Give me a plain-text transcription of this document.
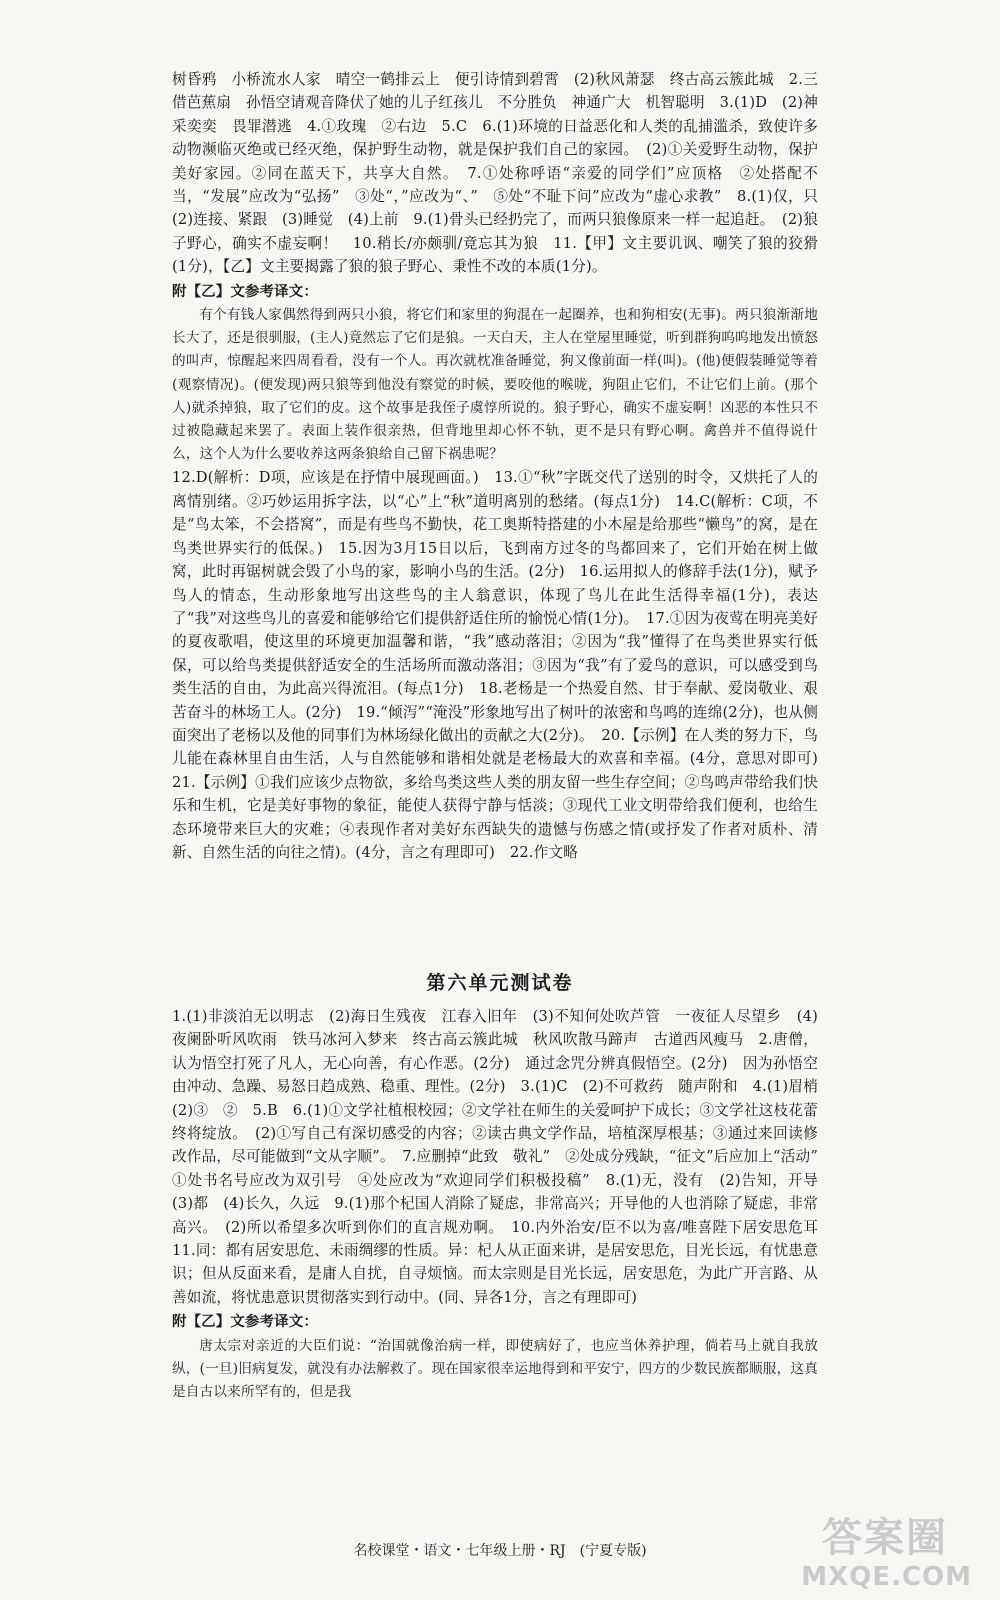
树昏鸦　小桥流水人家　晴空一鹤排云上　便引诗情到碧霄　(2)秋风萧瑟　终古高云簇此城　2.三借芭蕉扇　孙悟空请观音降伏了她的儿子红孩儿　不分胜负　神通广大　机智聪明　3.(1)D　(2)神采奕奕　畏罪潜逃　4.①玫瑰　②右边　5.C　6.(1)环境的日益恶化和人类的乱捕滥杀，致使许多动物濒临灭绝或已经灭绝，保护野生动物，就是保护我们自己的家园。　(2)①关爱野生动物，保护美好家园。②同在蓝天下，共享大自然。　7.①处称呼语“亲爱的同学们”应顶格　②处搭配不当，“发展”应改为“弘扬”　③处“，”应改为“、”　⑤处“不耻下问”应改为“虚心求教”　8.(1)仅，只　(2)连接、紧跟　(3)睡觉　(4)上前　9.(1)骨头已经扔完了，而两只狼像原来一样一起追赶。　(2)狼子野心，确实不虚妄啊！　10.稍长/亦颇驯/竟忘其为狼　11.【甲】文主要讥讽、嘲笑了狼的狡猾(1分)，【乙】文主要揭露了狼的狼子野心、秉性不改的本质(1分)。

附【乙】文参考译文：

有个有钱人家偶然得到两只小狼，将它们和家里的狗混在一起圈养，也和狗相安(无事)。两只狼渐渐地长大了，还是很驯服，(主人)竟然忘了它们是狼。一天白天，主人在堂屋里睡觉，听到群狗呜呜地发出愤怒的叫声，惊醒起来四周看看，没有一个人。再次就枕准备睡觉，狗又像前面一样(叫)。(他)便假装睡觉等着(观察情况)。(便发现)两只狼等到他没有察觉的时候，要咬他的喉咙，狗阻止它们，不让它们上前。(那个人)就杀掉狼，取了它们的皮。这个故事是我侄子虞惇所说的。狼子野心，确实不虚妄啊！凶恶的本性只不过被隐藏起来罢了。表面上装作很亲热，但背地里却心怀不轨，更不是只有野心啊。禽兽并不值得说什么，这个人为什么要收养这两条狼给自己留下祸患呢？

12.D(解析：D项，应该是在抒情中展现画面。)　13.①“秋”字既交代了送别的时令，又烘托了人的离情别绪。②巧妙运用拆字法，以“心”上“秋”道明离别的愁绪。(每点1分)　14.C(解析：C项，不是“鸟太笨，不会搭窝”，而是有些鸟不勤快，花工奥斯特搭建的小木屋是给那些“懒鸟”的窝，是在鸟类世界实行的低保。)　15.因为3月15日以后，飞到南方过冬的鸟都回来了，它们开始在树上做窝，此时再锯树就会毁了小鸟的家，影响小鸟的生活。(2分)　16.运用拟人的修辞手法(1分)，赋予鸟人的情态，生动形象地写出这些鸟的主人翁意识，体现了鸟儿在此生活得幸福(1分)，表达了“我”对这些鸟儿的喜爱和能够给它们提供舒适住所的愉悦心情(1分)。　17.①因为夜莺在明亮美好的夏夜歌唱，使这里的环境更加温馨和谐，“我”感动落泪；②因为“我”懂得了在鸟类世界实行低保，可以给鸟类提供舒适安全的生活场所而激动落泪；③因为“我”有了爱鸟的意识，可以感受到鸟类生活的自由，为此高兴得流泪。(每点1分)　18.老杨是一个热爱自然、甘于奉献、爱岗敬业、艰苦奋斗的林场工人。(2分)　19.“倾泻”“淹没”形象地写出了树叶的浓密和鸟鸣的连绵(2分)，也从侧面突出了老杨以及他的同事们为林场绿化做出的贡献之大(2分)。　20.【示例】在人类的努力下，鸟儿能在森林里自由生活，人与自然能够和谐相处就是老杨最大的欢喜和幸福。(4分，意思对即可)　21.【示例】①我们应该少点物欲，多给鸟类这些人类的朋友留一些生存空间；②鸟鸣声带给我们快乐和生机，它是美好事物的象征，能使人获得宁静与恬淡；③现代工业文明带给我们便利，也给生态环境带来巨大的灾难；④表现作者对美好东西缺失的遗憾与伤感之情(或抒发了作者对质朴、清新、自然生活的向往之情)。(4分，言之有理即可)　22.作文略

第六单元测试卷

1.(1)非淡泊无以明志　(2)海日生残夜　江春入旧年　(3)不知何处吹芦管　一夜征人尽望乡　(4)夜阑卧听风吹雨　铁马冰河入梦来　终古高云簇此城　秋风吹散马蹄声　古道西风瘦马　2.唐僧，认为悟空打死了凡人，无心向善，有心作恶。(2分)　通过念咒分辨真假悟空。(2分)　因为孙悟空由冲动、急躁、易怒日趋成熟、稳重、理性。(2分)　3.(1)C　(2)不可救药　随声附和　4.(1)眉梢　(2)③　②　5.B　6.(1)①文学社植根校园；②文学社在师生的关爱呵护下成长；③文学社这枝花蕾终将绽放。　(2)①写自己有深切感受的内容；②读古典文学作品，培植深厚根基；③通过来回读修改作品，尽可能做到“文从字顺”。　7.应删掉“此致　敬礼”　②处成分残缺，“征文”后应加上“活动”　①处书名号应改为双引号　④处应改为“欢迎同学们积极投稿”　8.(1)无，没有　(2)告知，开导　(3)都　(4)长久，久远　9.(1)那个杞国人消除了疑虑，非常高兴；开导他的人也消除了疑虑，非常高兴。　(2)所以希望多次听到你们的直言规劝啊。　10.内外治安/臣不以为喜/唯喜陛下居安思危耳　11.同：都有居安思危、未雨绸缪的性质。异：杞人从正面来讲，是居安思危，目光长远，有忧患意识；但从反面来看，是庸人自扰，自寻烦恼。而太宗则是目光长远，居安思危，为此广开言路、从善如流，将忧患意识贯彻落实到行动中。(同、异各1分，言之有理即可)

附【乙】文参考译文：

唐太宗对亲近的大臣们说：“治国就像治病一样，即使病好了，也应当休养护理，倘若马上就自我放纵，(一旦)旧病复发，就没有办法解救了。现在国家很幸运地得到和平安宁，四方的少数民族都顺服，这真是自古以来所罕有的，但是我

名校课堂・语文・七年级上册・RJ　(宁夏专版)	答案圈
MXQE.COM
